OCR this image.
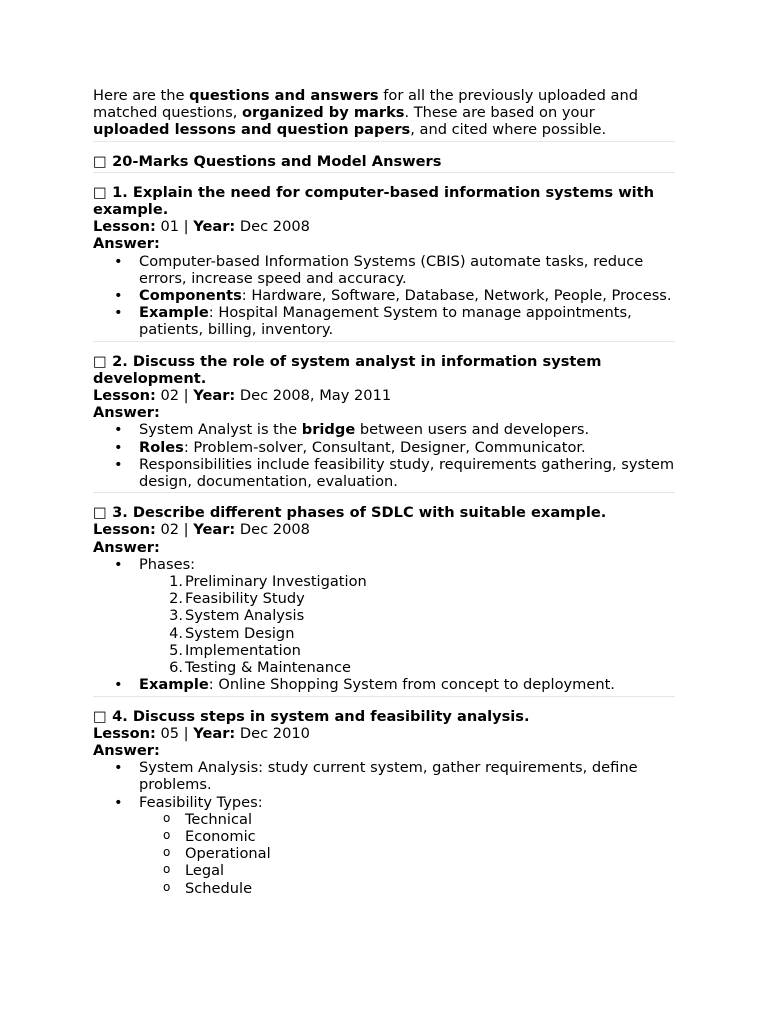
Here are the questions and answers for all the previously uploaded and matched questions, organized by marks. These are based on your uploaded lessons and question papers, and cited where possible.

□ 20-Marks Questions and Model Answers
□ 1. Explain the need for computer-based information systems with example.
Lesson: 01 | Year: Dec 2008
Answer:
• Computer-based Information Systems (CBIS) automate tasks, reduce errors, increase speed and accuracy.
• Components: Hardware, Software, Database, Network, People, Process.
• Example: Hospital Management System to manage appointments, patients, billing, inventory.
□ 2. Discuss the role of system analyst in information system development.
Lesson: 02 | Year: Dec 2008, May 2011
Answer:
• System Analyst is the bridge between users and developers.
• Roles: Problem-solver, Consultant, Designer, Communicator.
• Responsibilities include feasibility study, requirements gathering, system design, documentation, evaluation.
□ 3. Describe different phases of SDLC with suitable example.
Lesson: 02 | Year: Dec 2008
Answer:
• Phases:
1. Preliminary Investigation
2. Feasibility Study
3. System Analysis
4. System Design
5. Implementation
6. Testing & Maintenance
• Example: Online Shopping System from concept to deployment.
□ 4. Discuss steps in system and feasibility analysis.
Lesson: 05 | Year: Dec 2010
Answer:
• System Analysis: study current system, gather requirements, define problems.
• Feasibility Types:
o Technical
o Economic
o Operational
o Legal
o Schedule
